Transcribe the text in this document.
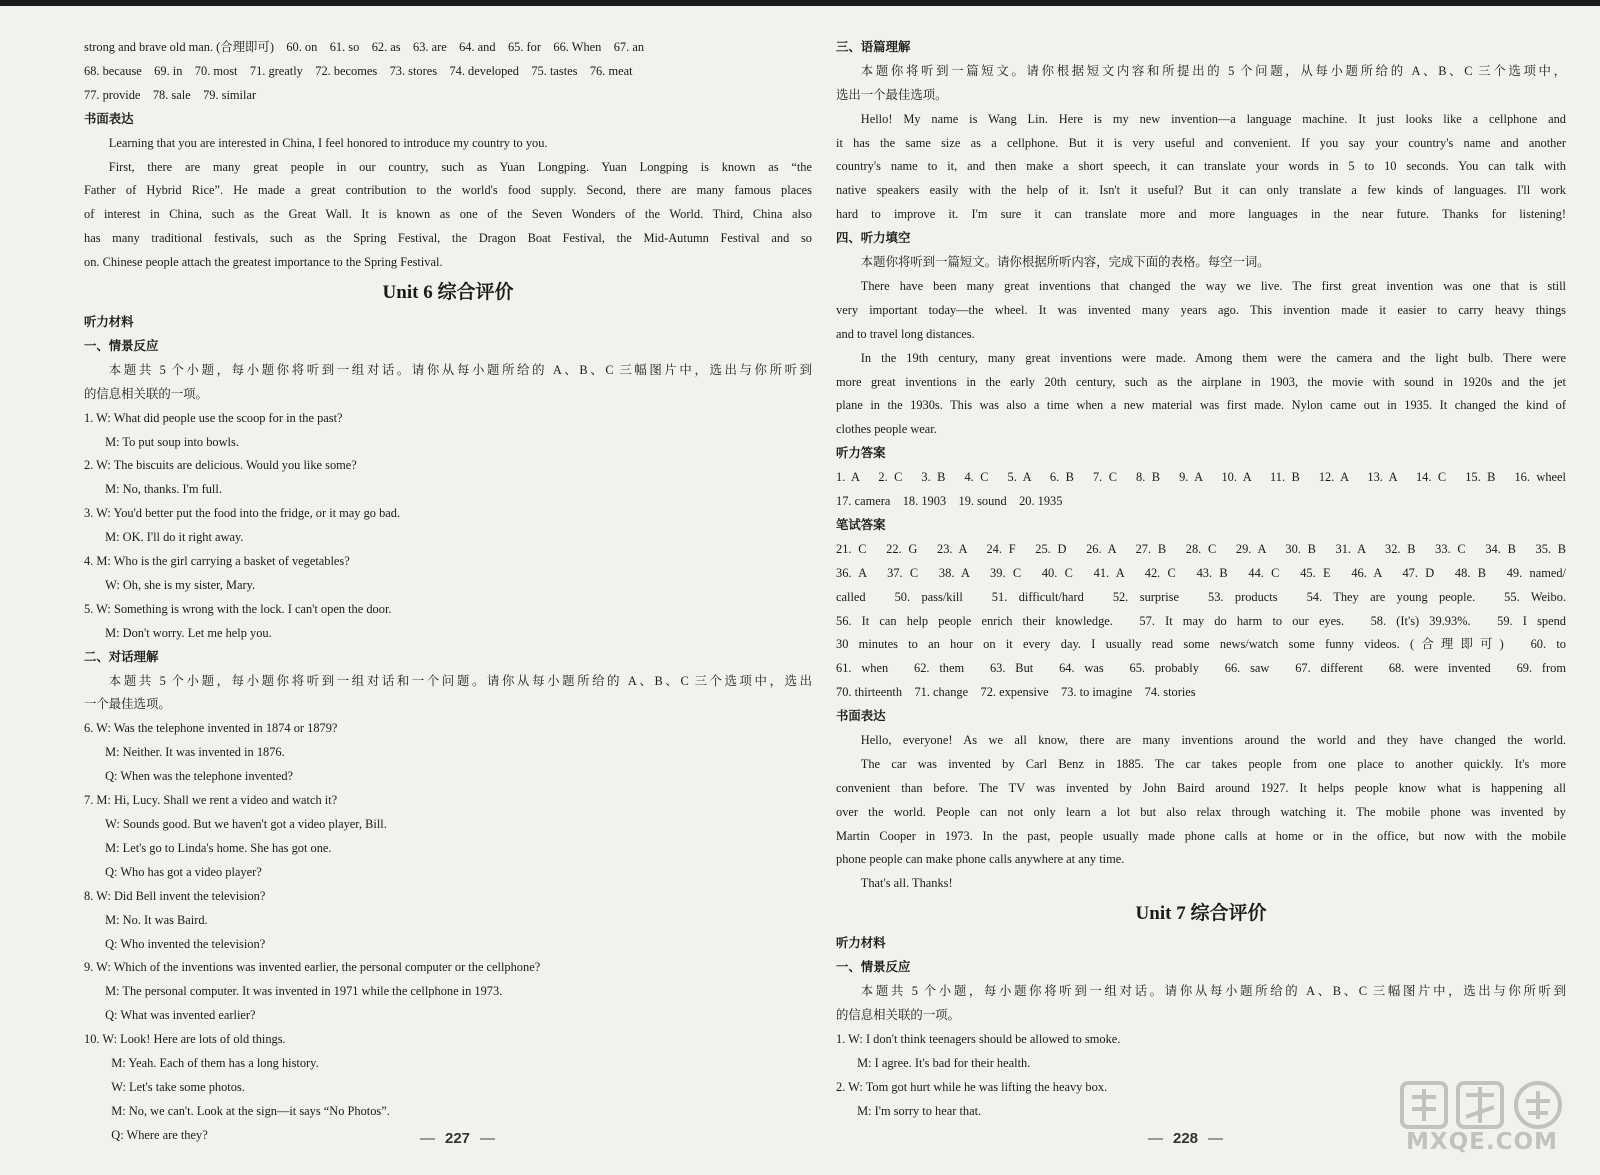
strong and brave old man. (合理即可)　60. on　61. so　62. as　63. are　64. and　65. for　66. When　67. an
68. because　69. in　70. most　71. greatly　72. becomes　73. stores　74. developed　75. tastes　76. meat
77. provide　78. sale　79. similar
书面表达
Learning that you are interested in China, I feel honored to introduce my country to you.
First, there are many great people in our country, such as Yuan Longping. Yuan Longping is known as “the
Father of Hybrid Rice”. He made a great contribution to the world's food supply. Second, there are many famous places
of interest in China, such as the Great Wall. It is known as one of the Seven Wonders of the World. Third, China also
has many traditional festivals, such as the Spring Festival, the Dragon Boat Festival, the Mid-Autumn Festival and so
on. Chinese people attach the greatest importance to the Spring Festival.
Unit 6 综合评价
听力材料
一、情景反应
本题共 5 个小题，每小题你将听到一组对话。请你从每小题所给的 A、B、C 三幅图片中，选出与你所听到
的信息相关联的一项。
1. W: What did people use the scoop for in the past?
M: To put soup into bowls.
2. W: The biscuits are delicious. Would you like some?
M: No, thanks. I'm full.
3. W: You'd better put the food into the fridge, or it may go bad.
M: OK. I'll do it right away.
4. M: Who is the girl carrying a basket of vegetables?
W: Oh, she is my sister, Mary.
5. W: Something is wrong with the lock. I can't open the door.
M: Don't worry. Let me help you.
二、对话理解
本题共 5 个小题，每小题你将听到一组对话和一个问题。请你从每小题所给的 A、B、C 三个选项中，选出
一个最佳选项。
6. W: Was the telephone invented in 1874 or 1879?
M: Neither. It was invented in 1876.
Q: When was the telephone invented?
7. M: Hi, Lucy. Shall we rent a video and watch it?
W: Sounds good. But we haven't got a video player, Bill.
M: Let's go to Linda's home. She has got one.
Q: Who has got a video player?
8. W: Did Bell invent the television?
M: No. It was Baird.
Q: Who invented the television?
9. W: Which of the inventions was invented earlier, the personal computer or the cellphone?
M: The personal computer. It was invented in 1971 while the cellphone in 1973.
Q: What was invented earlier?
10. W: Look! Here are lots of old things.
M: Yeah. Each of them has a long history.
W: Let's take some photos.
M: No, we can't. Look at the sign—it says “No Photos”.
Q: Where are they?
三、语篇理解
本题你将听到一篇短文。请你根据短文内容和所提出的 5 个问题，从每小题所给的 A、B、C 三个选项中，
选出一个最佳选项。
Hello! My name is Wang Lin. Here is my new invention—a language machine. It just looks like a cellphone and
it has the same size as a cellphone. But it is very useful and convenient. If you say your country's name and another
country's name to it, and then make a short speech, it can translate your words in 5 to 10 seconds. You can talk with
native speakers easily with the help of it. Isn't it useful? But it can only translate a few kinds of languages. I'll work
hard to improve it. I'm sure it can translate more and more languages in the near future. Thanks for listening!
四、听力填空
本题你将听到一篇短文。请你根据所听内容，完成下面的表格。每空一词。
There have been many great inventions that changed the way we live. The first great invention was one that is still
very important today—the wheel. It was invented many years ago. This invention made it easier to carry heavy things
and to travel long distances.
In the 19th century, many great inventions were made. Among them were the camera and the light bulb. There were
more great inventions in the early 20th century, such as the airplane in 1903, the movie with sound in 1920s and the jet
plane in the 1930s. This was also a time when a new material was first made. Nylon came out in 1935. It changed the kind of
clothes people wear.
听力答案
1. A　2. C　3. B　4. C　5. A　6. B　7. C　8. B　9. A　10. A　11. B　12. A　13. A　14. C　15. B　16. wheel
17. camera　18. 1903　19. sound　20. 1935
笔试答案
21. C　22. G　23. A　24. F　25. D　26. A　27. B　28. C　29. A　30. B　31. A　32. B　33. C　34. B　35. B
36. A　37. C　38. A　39. C　40. C　41. A　42. C　43. B　44. C　45. E　46. A　47. D　48. B　49. named/
called　50. pass/kill　51. difficult/hard　52. surprise　53. products　54. They are young people.　55. Weibo.
56. It can help people enrich their knowledge.　57. It may do harm to our eyes.　58. (It's) 39.93%.　59. I spend
30 minutes to an hour on it every day. I usually read some news/watch some funny videos. (合理即可)　60. to
61. when　62. them　63. But　64. was　65. probably　66. saw　67. different　68. were invented　69. from
70. thirteenth　71. change　72. expensive　73. to imagine　74. stories
书面表达
Hello, everyone! As we all know, there are many inventions around the world and they have changed the world.
The car was invented by Carl Benz in 1885. The car takes people from one place to another quickly. It's more
convenient than before. The TV was invented by John Baird around 1927. It helps people know what is happening all
over the world. People can not only learn a lot but also relax through watching it. The mobile phone was invented by
Martin Cooper in 1973. In the past, people usually made phone calls at home or in the office, but now with the mobile
phone people can make phone calls anywhere at any time.
That's all. Thanks!
Unit 7 综合评价
听力材料
一、情景反应
本题共 5 个小题，每小题你将听到一组对话。请你从每小题所给的 A、B、C 三幅图片中，选出与你所听到
的信息相关联的一项。
1. W: I don't think teenagers should be allowed to smoke.
M: I agree. It's bad for their health.
2. W: Tom got hurt while he was lifting the heavy box.
M: I'm sorry to hear that.
— 227 —	— 228 —	MXQE.COM
